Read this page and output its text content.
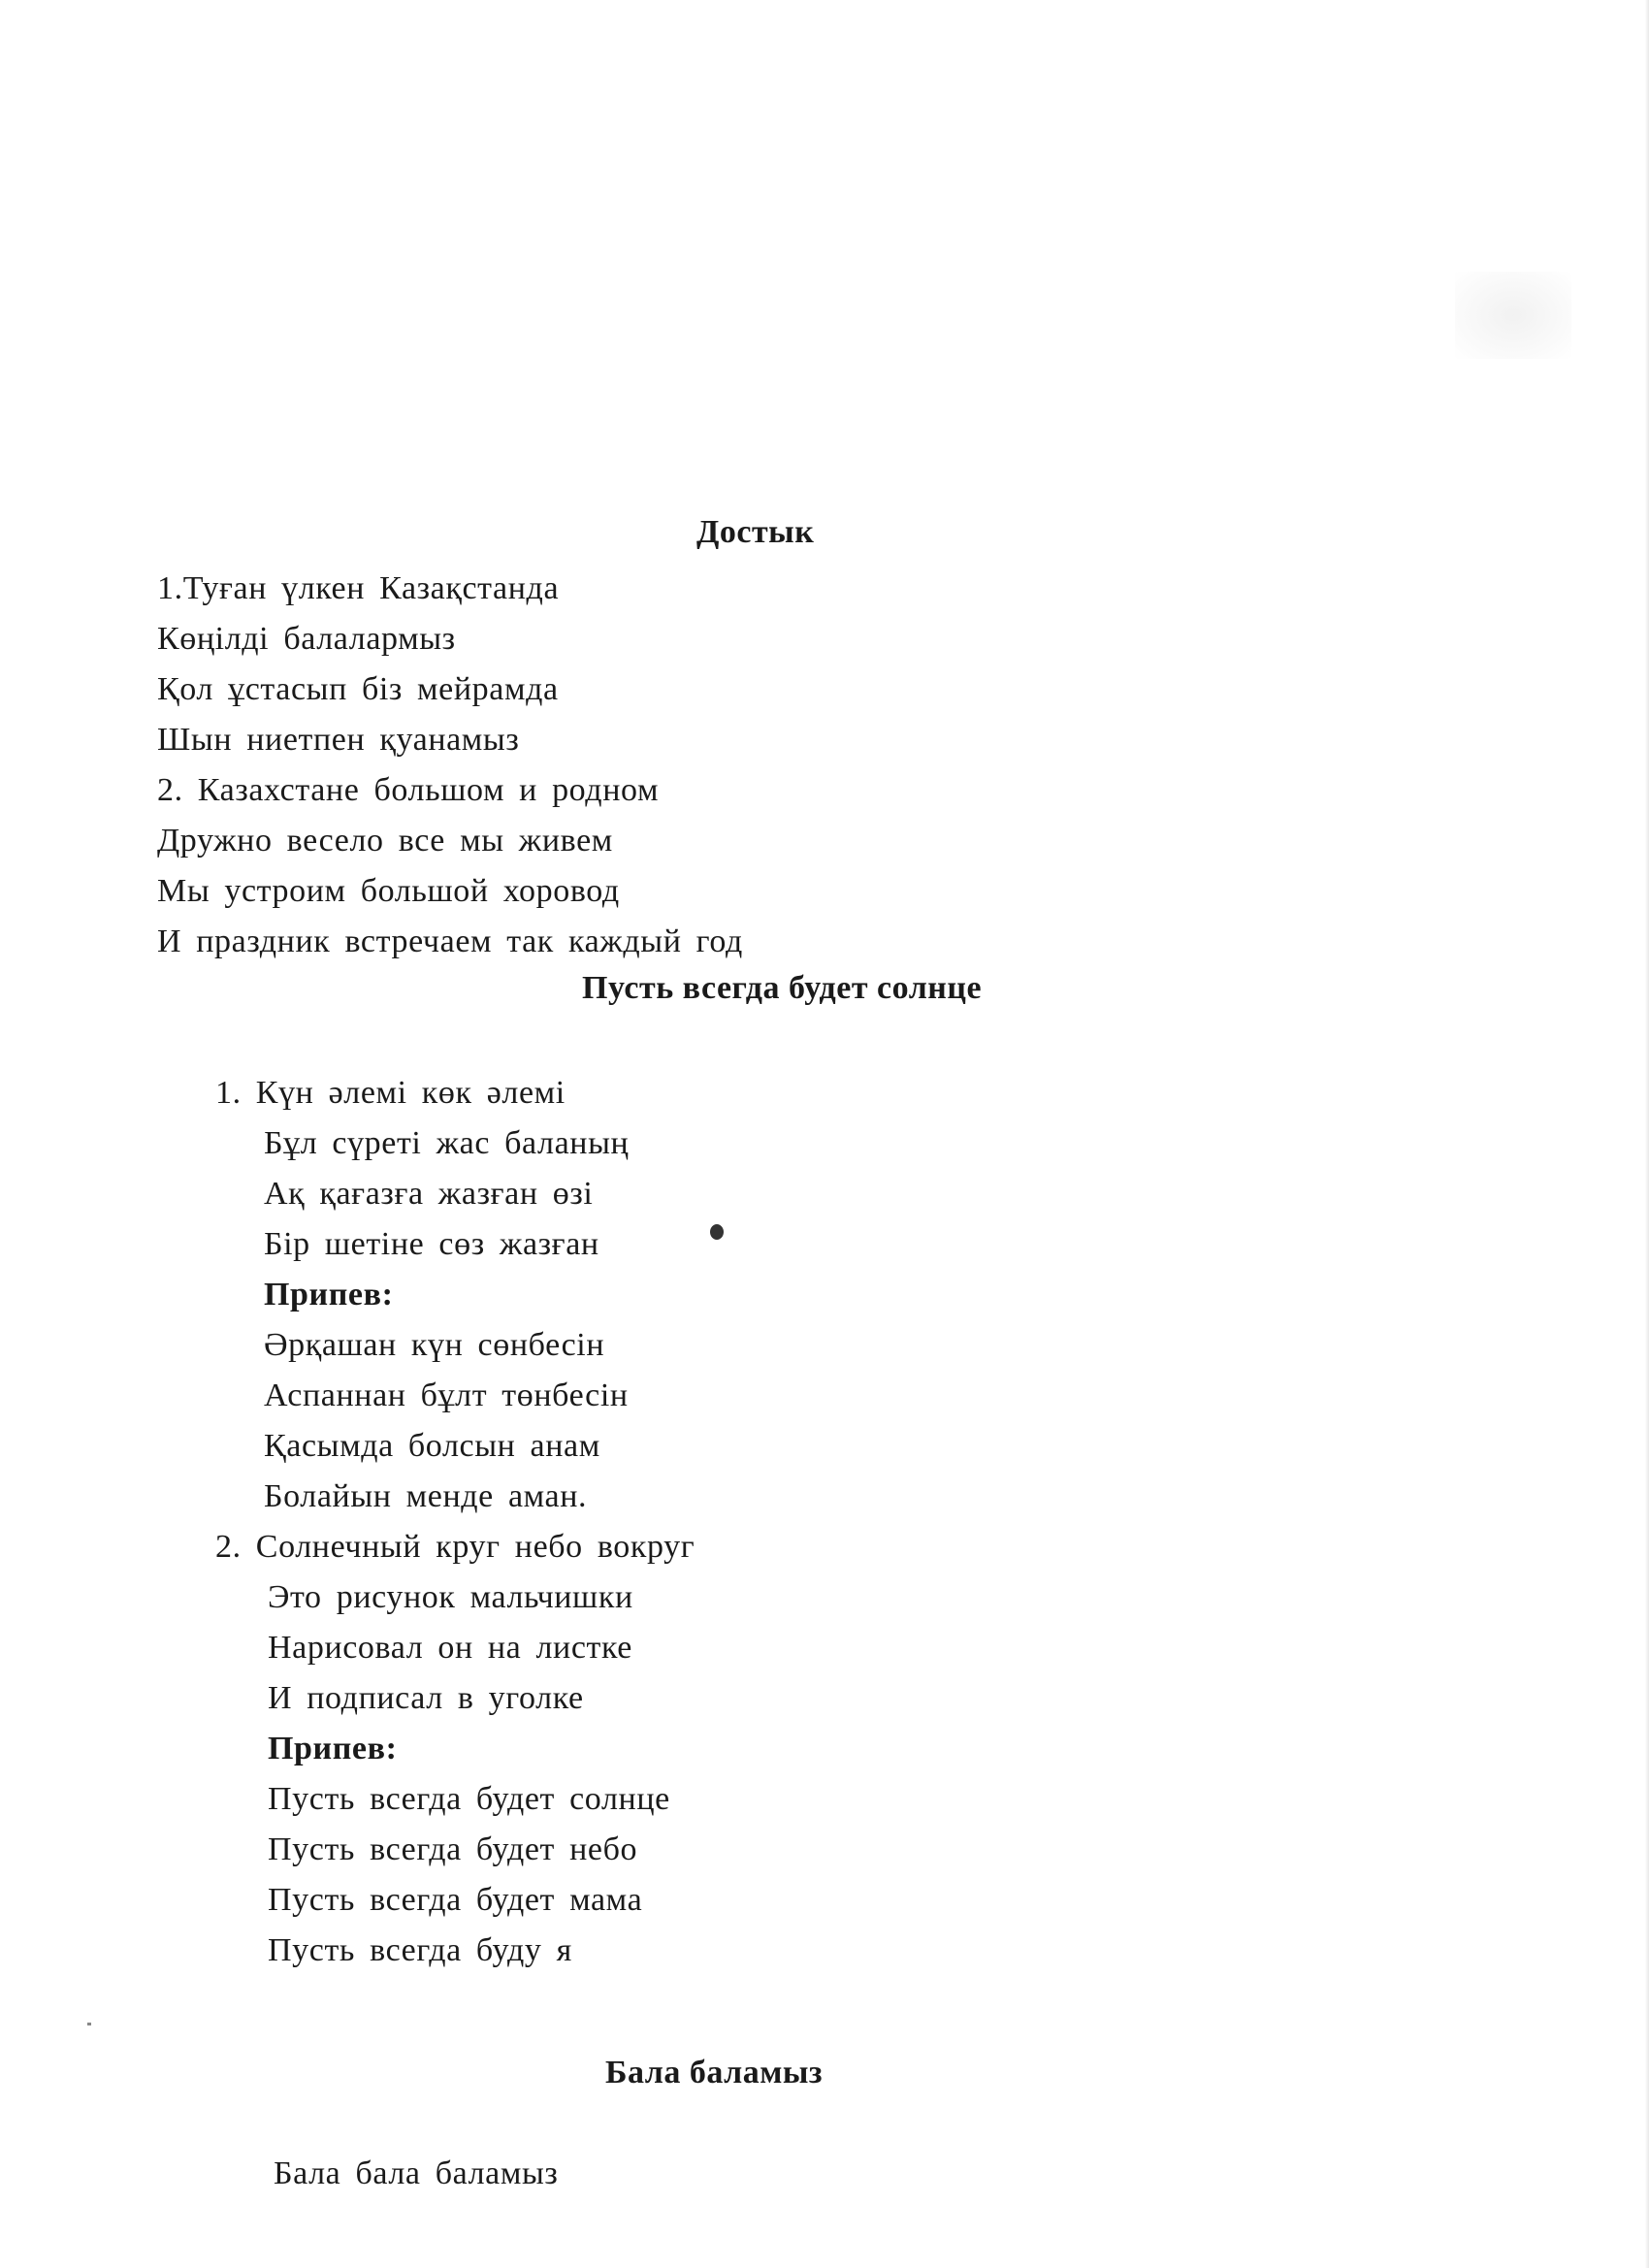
Достык
1.Туған үлкен Казақстанда
Көңілді балалармыз
Қол ұстасып біз мейрамда
Шын ниетпен қуанамыз
2. Казахстане большом и родном
Дружно весело все мы живем
Мы устроим большой хоровод
И праздник встречаем так каждый год
Пусть всегда будет солнце
1. Күн әлемі көк әлемі
Бұл сүреті жас баланың
Ақ қағазға жазған өзі
Бір шетіне сөз жазған
Припев:
Әрқашан күн сөнбесін
Аспаннан бұлт төнбесін
Қасымда болсын анам
Болайын менде аман.
2. Солнечный круг небо вокруг
Это рисунок мальчишки
Нарисовал он на листке
И подписал в уголке
Припев:
Пусть всегда будет солнце
Пусть всегда будет небо
Пусть всегда будет мама
Пусть всегда буду я
Бала баламыз
Бала бала баламыз
